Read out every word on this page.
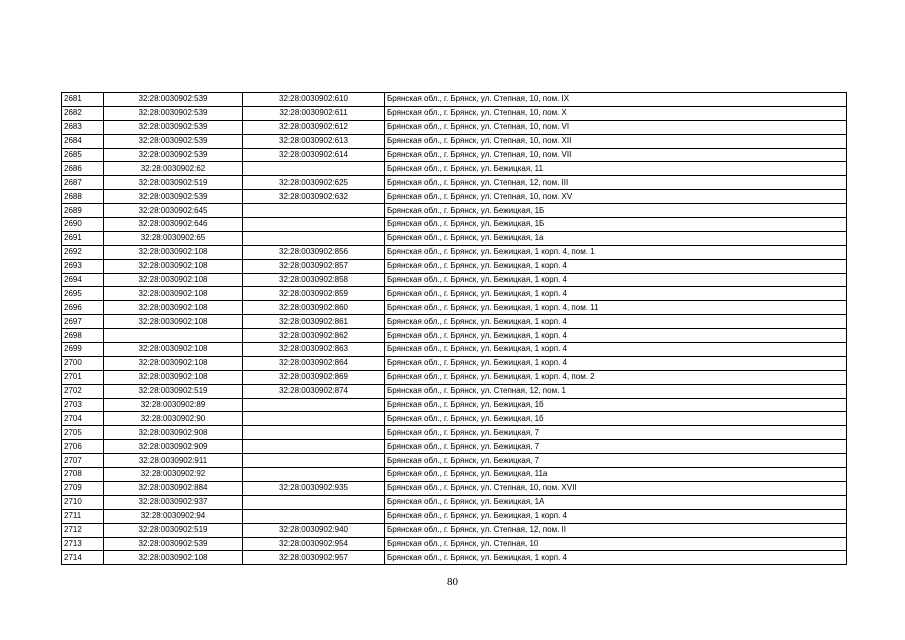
2681	32:28:0030902:539	32:28:0030902:610	Брянская обл., г. Брянск, ул. Степная, 10, пом. IX
2682	32:28:0030902:539	32:28:0030902:611	Брянская обл., г. Брянск, ул. Степная, 10, пом. X
2683	32:28:0030902:539	32:28:0030902:612	Брянская обл., г. Брянск, ул. Степная, 10, пом. VI
2684	32:28:0030902:539	32:28:0030902:613	Брянская обл., г. Брянск, ул. Степная, 10, пом. XII
2685	32:28:0030902:539	32:28:0030902:614	Брянская обл., г. Брянск, ул. Степная, 10, пом. VII
2686	32:28:0030902:62		Брянская обл., г. Брянск, ул. Бежицкая, 11
2687	32:28:0030902:519	32:28:0030902:625	Брянская обл., г. Брянск, ул. Степная, 12, пом. III
2688	32:28:0030902:539	32:28:0030902:632	Брянская обл., г. Брянск, ул. Степная, 10, пом. XV
2689	32:28:0030902:645		Брянская обл., г. Брянск, ул. Бежицкая, 1Б
2690	32:28:0030902:646		Брянская обл., г. Брянск, ул. Бежицкая, 1Б
2691	32:28:0030902:65		Брянская обл., г. Брянск, ул. Бежицкая, 1а
2692	32:28:0030902:108	32:28:0030902:856	Брянская обл., г. Брянск, ул. Бежицкая, 1 корп. 4, пом. 1
2693	32:28:0030902:108	32:28:0030902:857	Брянская обл., г. Брянск, ул. Бежицкая, 1 корп. 4
2694	32:28:0030902:108	32:28:0030902:858	Брянская обл., г. Брянск, ул. Бежицкая, 1 корп. 4
2695	32:28:0030902:108	32:28:0030902:859	Брянская обл., г. Брянск, ул. Бежицкая, 1 корп. 4
2696	32:28:0030902:108	32:28:0030902:860	Брянская обл., г. Брянск, ул. Бежицкая, 1 корп. 4, пом. 11
2697	32:28:0030902:108	32:28:0030902:861	Брянская обл., г. Брянск, ул. Бежицкая, 1 корп. 4
2698		32:28:0030902:862	Брянская обл., г. Брянск, ул. Бежицкая, 1 корп. 4
2699	32:28:0030902:108	32:28:0030902:863	Брянская обл., г. Брянск, ул. Бежицкая, 1 корп. 4
2700	32:28:0030902:108	32:28:0030902:864	Брянская обл., г. Брянск, ул. Бежицкая, 1 корп. 4
2701	32:28:0030902:108	32:28:0030902:869	Брянская обл., г. Брянск, ул. Бежицкая, 1 корп. 4, пом. 2
2702	32:28:0030902:519	32:28:0030902:874	Брянская обл., г. Брянск, ул. Степная, 12, пом. 1
2703	32:28:0030902:89		Брянская обл., г. Брянск, ул. Бежицкая, 1б
2704	32:28:0030902:90		Брянская обл., г. Брянск, ул. Бежицкая, 1б
2705	32:28:0030902:908		Брянская обл., г. Брянск, ул. Бежицкая, 7
2706	32:28:0030902:909		Брянская обл., г. Брянск, ул. Бежицкая, 7
2707	32:28:0030902:911		Брянская обл., г. Брянск, ул. Бежицкая, 7
2708	32:28:0030902:92		Брянская обл., г. Брянск, ул. Бежицкая, 11а
2709	32:28:0030902:884	32:28:0030902:935	Брянская обл., г. Брянск, ул. Степная, 10, пом. XVII
2710	32:28:0030902:937		Брянская обл., г. Брянск, ул. Бежицкая, 1А
2711	32:28:0030902:94		Брянская обл., г. Брянск, ул. Бежицкая, 1 корп. 4
2712	32:28:0030902:519	32:28:0030902:940	Брянская обл., г. Брянск, ул. Степная, 12, пом. II
2713	32:28:0030902:539	32:28:0030902:954	Брянская обл., г. Брянск, ул. Степная, 10
2714	32:28:0030902:108	32:28:0030902:957	Брянская обл., г. Брянск, ул. Бежицкая, 1 корп. 4
80
